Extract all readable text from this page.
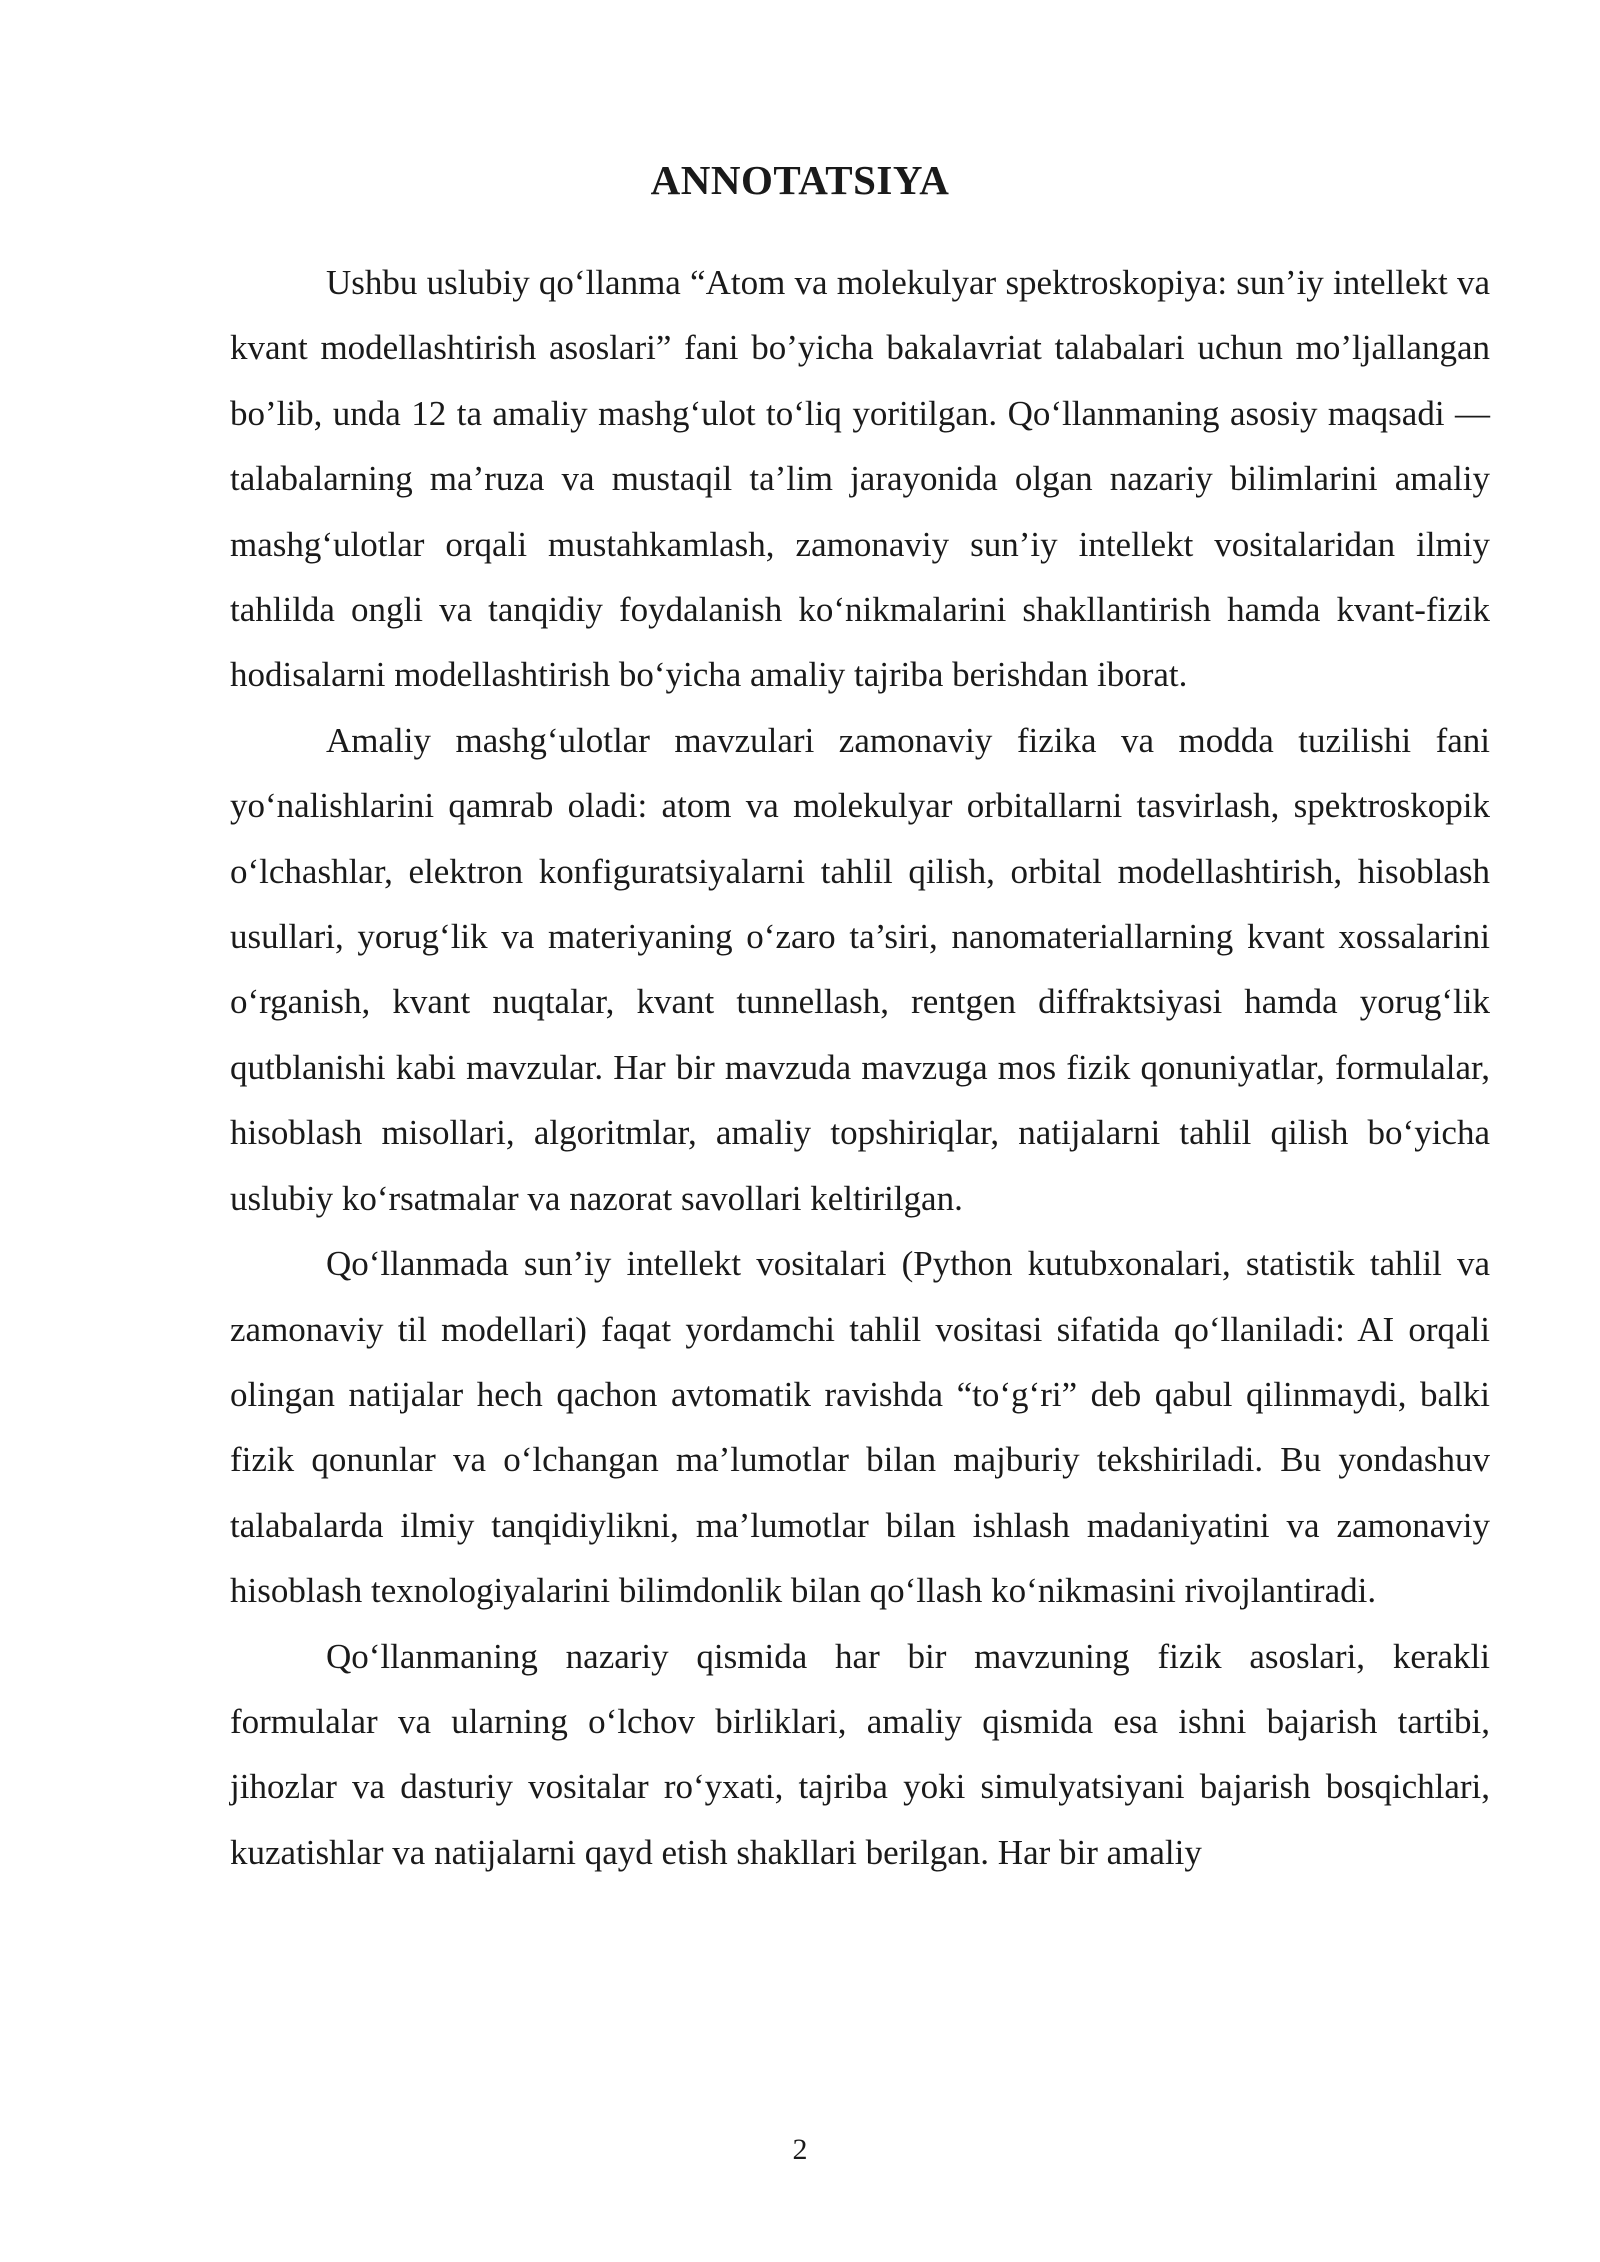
ANNOTATSIYA

Ushbu uslubiy qo‘llanma “Atom va molekulyar spektroskopiya: sun’iy intellekt va kvant modellashtirish asoslari” fani bo’yicha bakalavriat talabalari uchun mo’ljallangan bo’lib, unda 12 ta amaliy mashg‘ulot to‘liq yoritilgan. Qo‘llanmaning asosiy maqsadi — talabalarning ma’ruza va mustaqil ta’lim jarayonida olgan nazariy bilimlarini amaliy mashg‘ulotlar orqali mustahkamlash, zamonaviy sun’iy intellekt vositalaridan ilmiy tahlilda ongli va tanqidiy foydalanish ko‘nikmalarini shakllantirish hamda kvant-fizik hodisalarni modellashtirish bo‘yicha amaliy tajriba berishdan iborat.

Amaliy mashg‘ulotlar mavzulari zamonaviy fizika va modda tuzilishi fani yo‘nalishlarini qamrab oladi: atom va molekulyar orbitallarni tasvirlash, spektroskopik o‘lchashlar, elektron konfiguratsiyalarni tahlil qilish, orbital modellashtirish, hisoblash usullari, yorug‘lik va materiyaning o‘zaro ta’siri, nanomateriallarning kvant xossalarini o‘rganish, kvant nuqtalar, kvant tunnellash, rentgen diffraktsiyasi hamda yorug‘lik qutblanishi kabi mavzular. Har bir mavzuda mavzuga mos fizik qonuniyatlar, formulalar, hisoblash misollari, algoritmlar, amaliy topshiriqlar, natijalarni tahlil qilish bo‘yicha uslubiy ko‘rsatmalar va nazorat savollari keltirilgan.

Qo‘llanmada sun’iy intellekt vositalari (Python kutubxonalari, statistik tahlil va zamonaviy til modellari) faqat yordamchi tahlil vositasi sifatida qo‘llaniladi: AI orqali olingan natijalar hech qachon avtomatik ravishda “to‘g‘ri” deb qabul qilinmaydi, balki fizik qonunlar va o‘lchangan ma’lumotlar bilan majburiy tekshiriladi. Bu yondashuv talabalarda ilmiy tanqidiylikni, ma’lumotlar bilan ishlash madaniyatini va zamonaviy hisoblash texnologiyalarini bilimdonlik bilan qo‘llash ko‘nikmasini rivojlantiradi.

Qo‘llanmaning nazariy qismida har bir mavzuning fizik asoslari, kerakli formulalar va ularning o‘lchov birliklari, amaliy qismida esa ishni bajarish tartibi, jihozlar va dasturiy vositalar ro‘yxati, tajriba yoki simulyatsiyani bajarish bosqichlari, kuzatishlar va natijalarni qayd etish shakllari berilgan. Har bir amaliy

2
